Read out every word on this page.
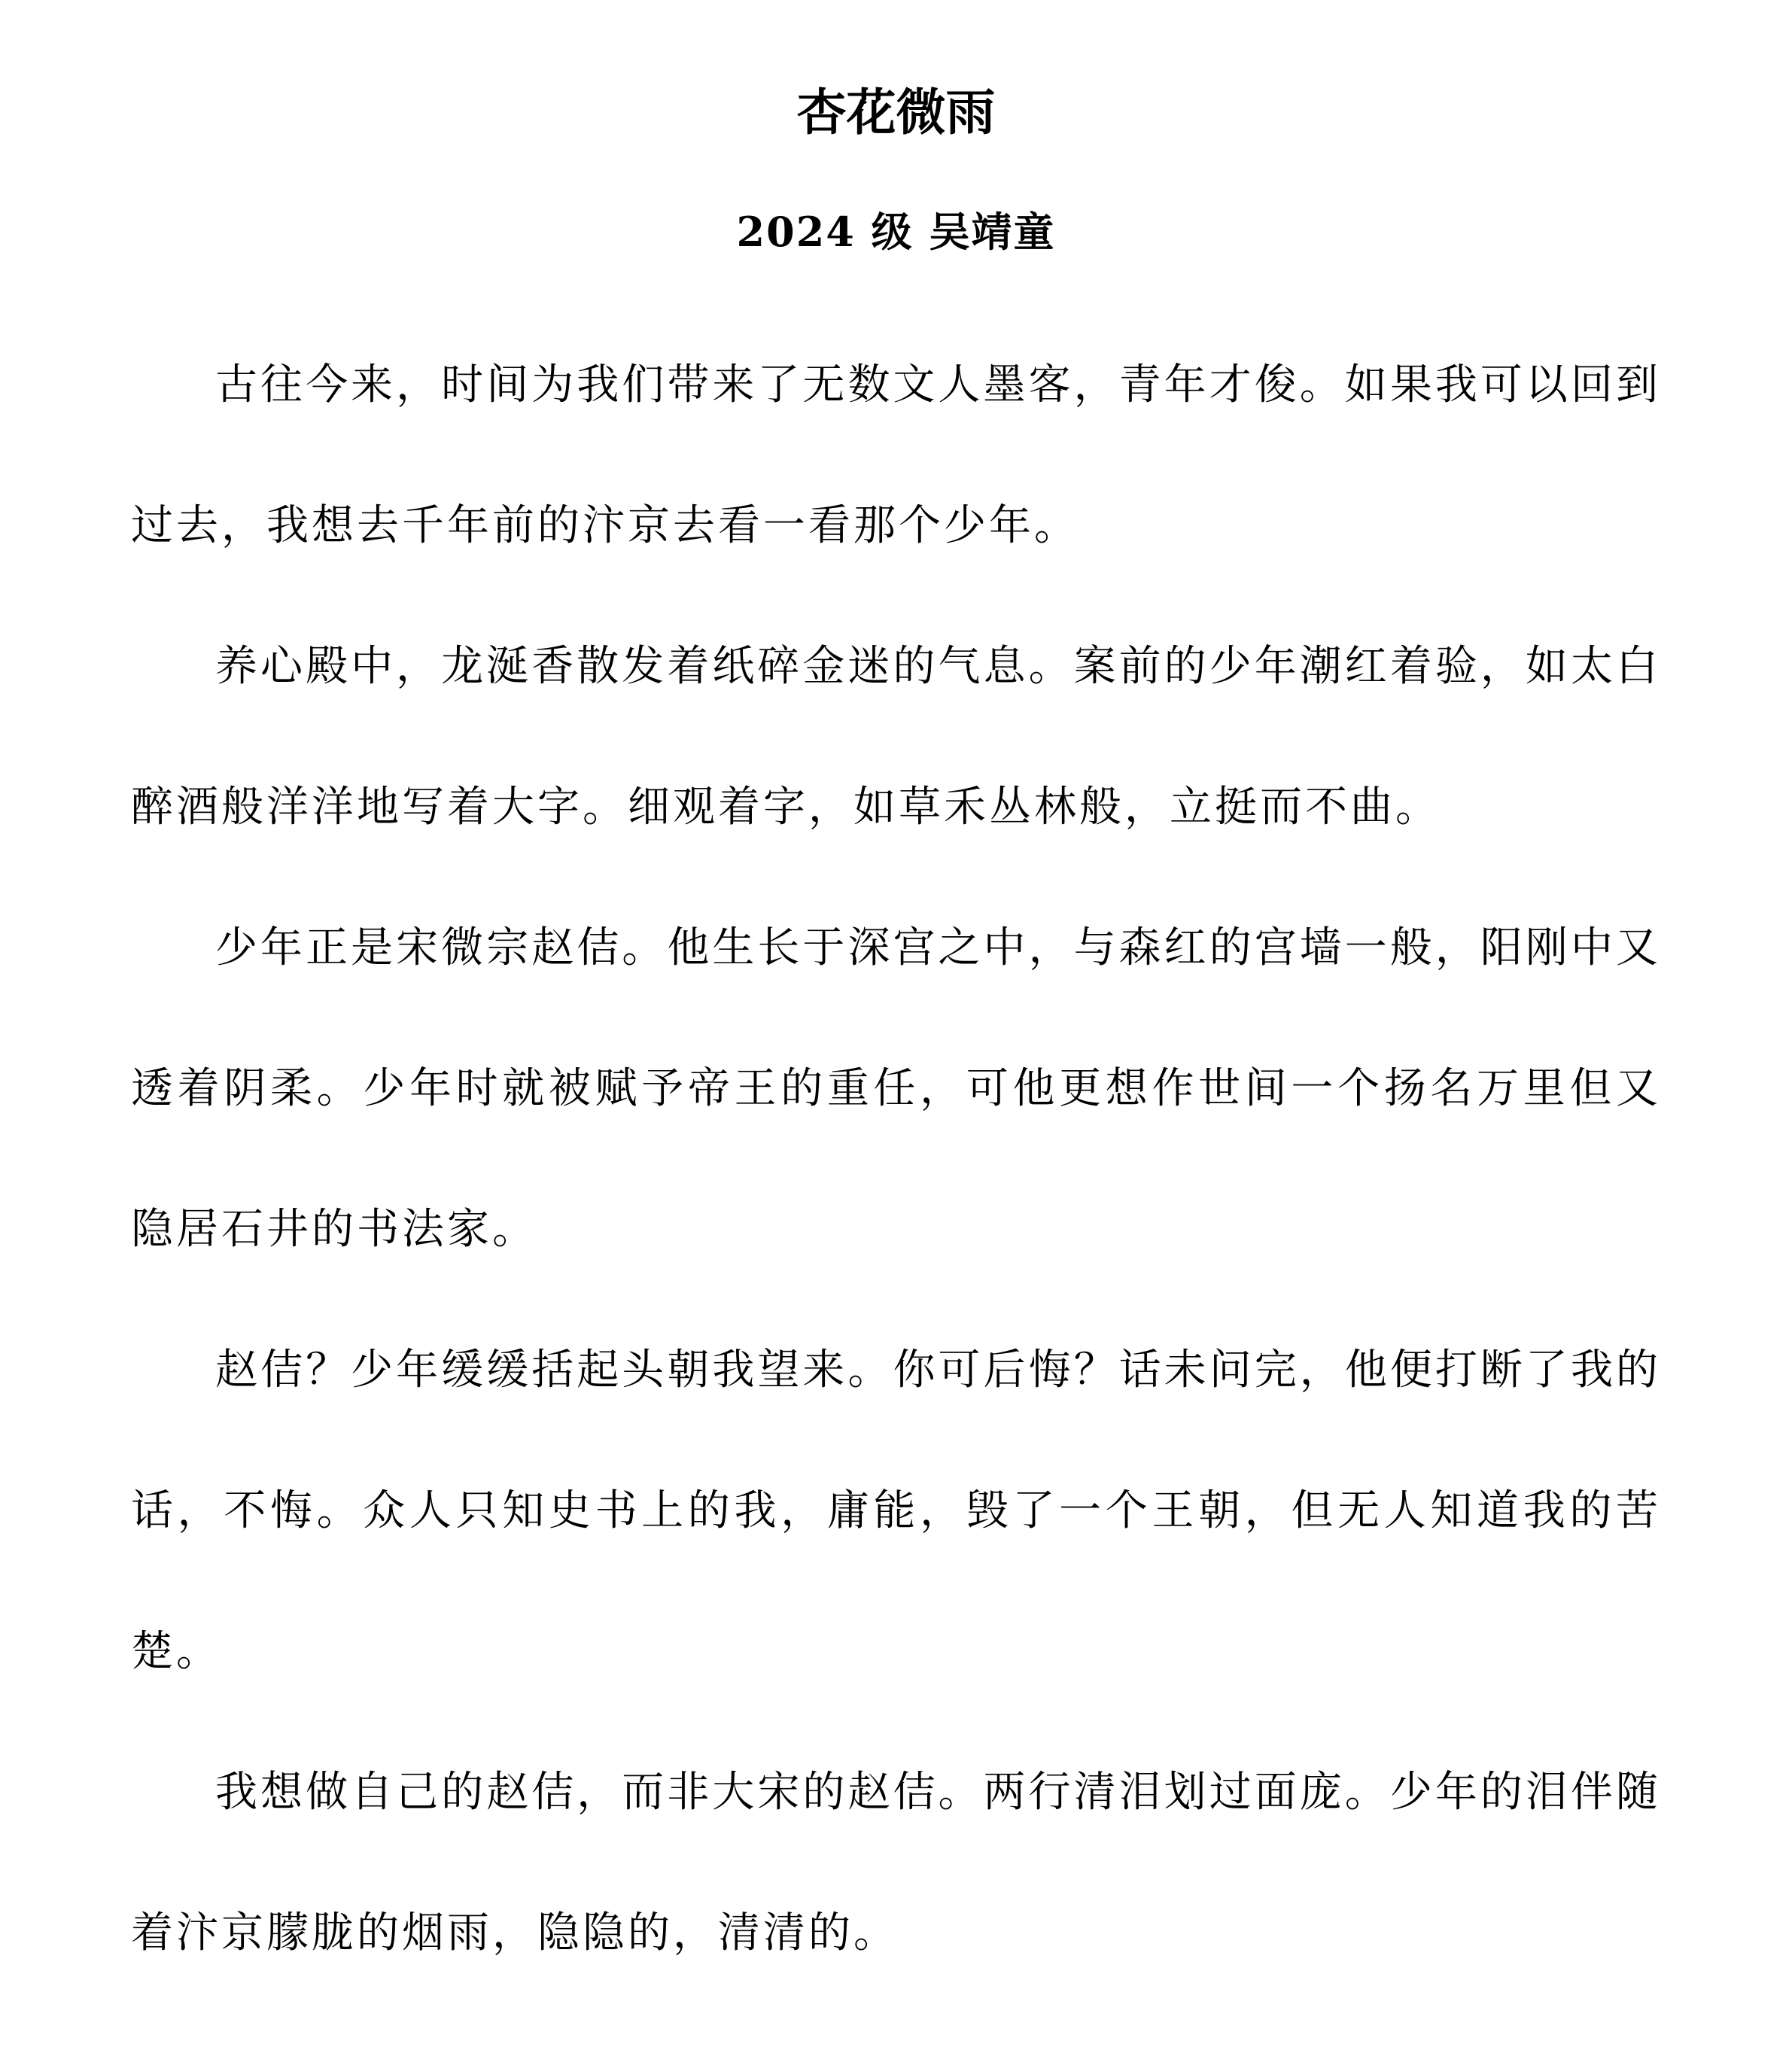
杏花微雨
2024 级 吴靖童

古往今来，时间为我们带来了无数文人墨客，青年才俊。如果我可以回到过去，我想去千年前的汴京去看一看那个少年。

养心殿中，龙涎香散发着纸碎金迷的气息。案前的少年潮红着验，如太白醉酒般洋洋地写着大字。细观着字，如草禾丛林般，立挺而不曲。

少年正是宋微宗赵佶。他生长于深宫之中，与森红的宫墙一般，阳刚中又透着阴柔。少年时就被赋予帝王的重任，可他更想作世间一个扬名万里但又隐居石井的书法家。

赵佶？少年缓缓括起头朝我望来。你可后悔？话未问完，他便打断了我的话，不悔。众人只知史书上的我，庸能，毁了一个王朝，但无人知道我的苦楚。

我想做自己的赵佶，而非大宋的赵佶。两行清泪划过面庞。少年的泪伴随着汴京朦胧的烟雨，隐隐的，清清的。
